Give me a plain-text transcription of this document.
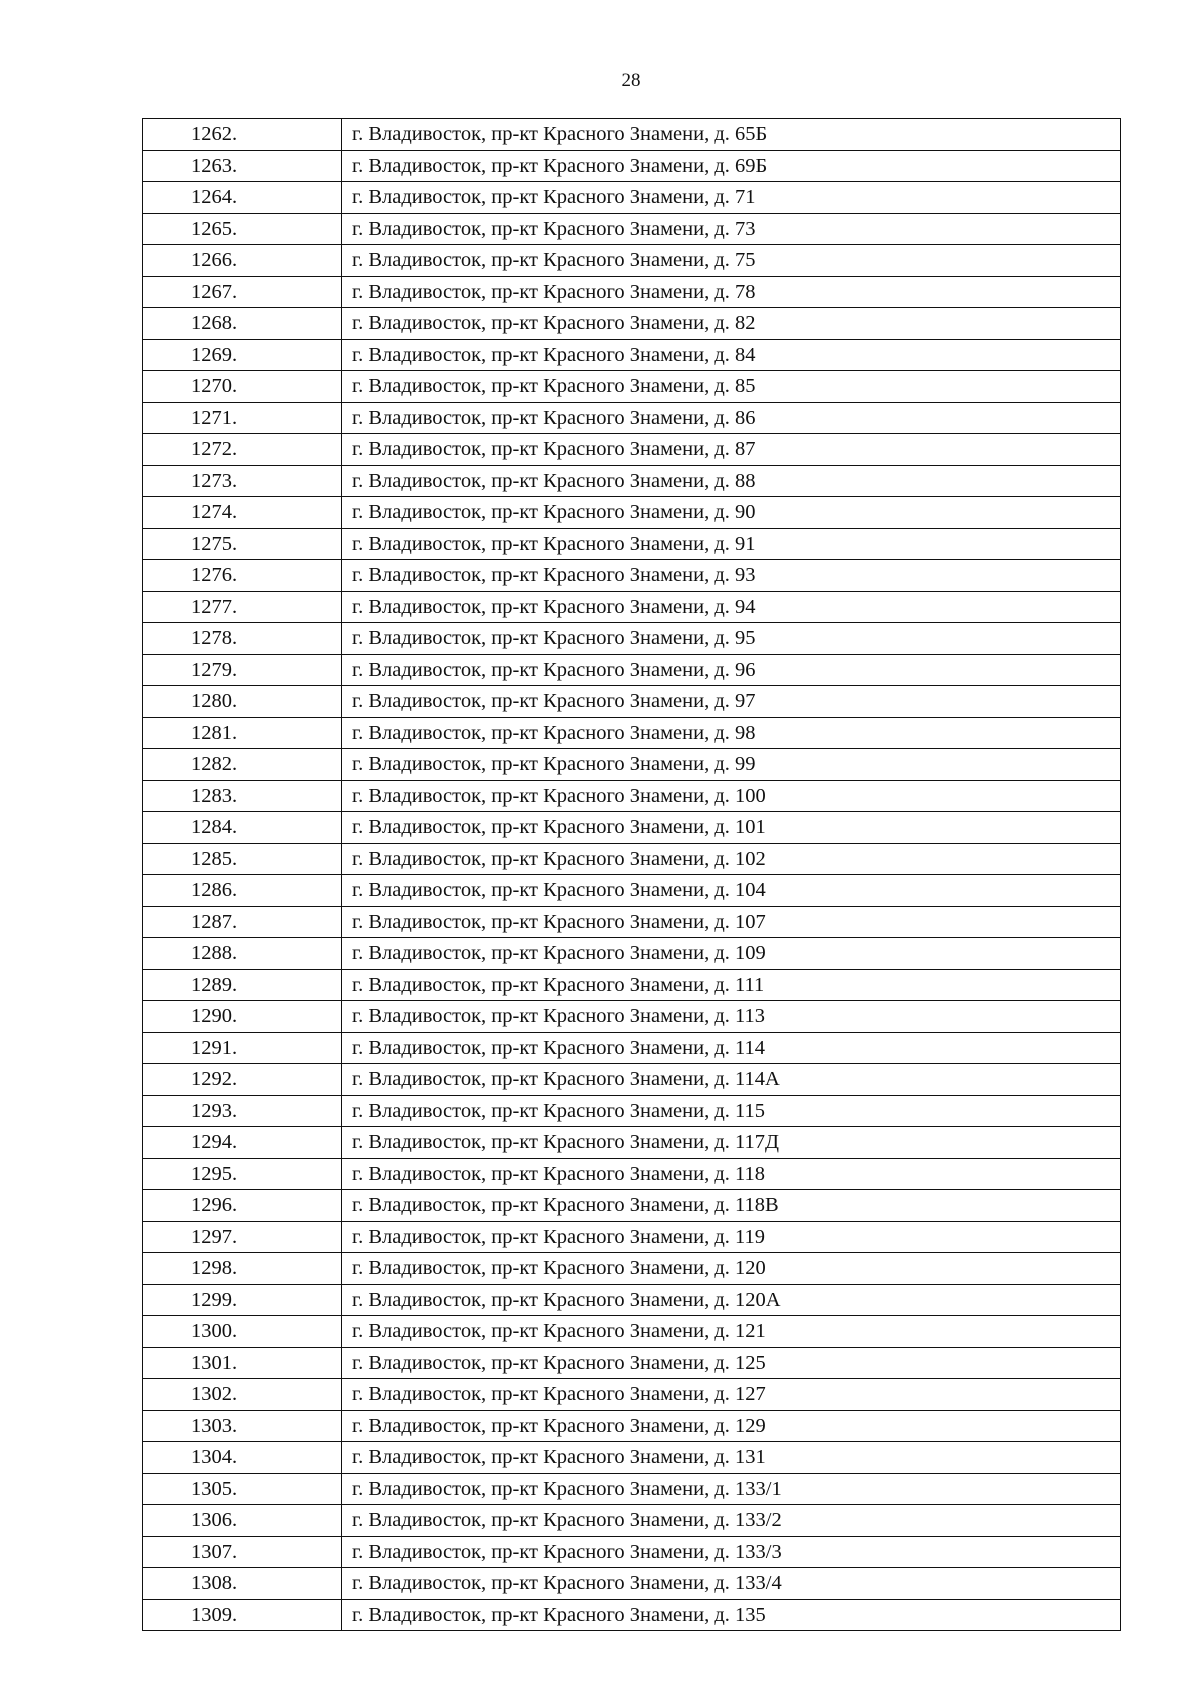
28
1262.	г. Владивосток, пр-кт Красного Знамени, д. 65Б
1263.	г. Владивосток, пр-кт Красного Знамени, д. 69Б
1264.	г. Владивосток, пр-кт Красного Знамени, д. 71
1265.	г. Владивосток, пр-кт Красного Знамени, д. 73
1266.	г. Владивосток, пр-кт Красного Знамени, д. 75
1267.	г. Владивосток, пр-кт Красного Знамени, д. 78
1268.	г. Владивосток, пр-кт Красного Знамени, д. 82
1269.	г. Владивосток, пр-кт Красного Знамени, д. 84
1270.	г. Владивосток, пр-кт Красного Знамени, д. 85
1271.	г. Владивосток, пр-кт Красного Знамени, д. 86
1272.	г. Владивосток, пр-кт Красного Знамени, д. 87
1273.	г. Владивосток, пр-кт Красного Знамени, д. 88
1274.	г. Владивосток, пр-кт Красного Знамени, д. 90
1275.	г. Владивосток, пр-кт Красного Знамени, д. 91
1276.	г. Владивосток, пр-кт Красного Знамени, д. 93
1277.	г. Владивосток, пр-кт Красного Знамени, д. 94
1278.	г. Владивосток, пр-кт Красного Знамени, д. 95
1279.	г. Владивосток, пр-кт Красного Знамени, д. 96
1280.	г. Владивосток, пр-кт Красного Знамени, д. 97
1281.	г. Владивосток, пр-кт Красного Знамени, д. 98
1282.	г. Владивосток, пр-кт Красного Знамени, д. 99
1283.	г. Владивосток, пр-кт Красного Знамени, д. 100
1284.	г. Владивосток, пр-кт Красного Знамени, д. 101
1285.	г. Владивосток, пр-кт Красного Знамени, д. 102
1286.	г. Владивосток, пр-кт Красного Знамени, д. 104
1287.	г. Владивосток, пр-кт Красного Знамени, д. 107
1288.	г. Владивосток, пр-кт Красного Знамени, д. 109
1289.	г. Владивосток, пр-кт Красного Знамени, д. 111
1290.	г. Владивосток, пр-кт Красного Знамени, д. 113
1291.	г. Владивосток, пр-кт Красного Знамени, д. 114
1292.	г. Владивосток, пр-кт Красного Знамени, д. 114А
1293.	г. Владивосток, пр-кт Красного Знамени, д. 115
1294.	г. Владивосток, пр-кт Красного Знамени, д. 117Д
1295.	г. Владивосток, пр-кт Красного Знамени, д. 118
1296.	г. Владивосток, пр-кт Красного Знамени, д. 118В
1297.	г. Владивосток, пр-кт Красного Знамени, д. 119
1298.	г. Владивосток, пр-кт Красного Знамени, д. 120
1299.	г. Владивосток, пр-кт Красного Знамени, д. 120А
1300.	г. Владивосток, пр-кт Красного Знамени, д. 121
1301.	г. Владивосток, пр-кт Красного Знамени, д. 125
1302.	г. Владивосток, пр-кт Красного Знамени, д. 127
1303.	г. Владивосток, пр-кт Красного Знамени, д. 129
1304.	г. Владивосток, пр-кт Красного Знамени, д. 131
1305.	г. Владивосток, пр-кт Красного Знамени, д. 133/1
1306.	г. Владивосток, пр-кт Красного Знамени, д. 133/2
1307.	г. Владивосток, пр-кт Красного Знамени, д. 133/3
1308.	г. Владивосток, пр-кт Красного Знамени, д. 133/4
1309.	г. Владивосток, пр-кт Красного Знамени, д. 135
